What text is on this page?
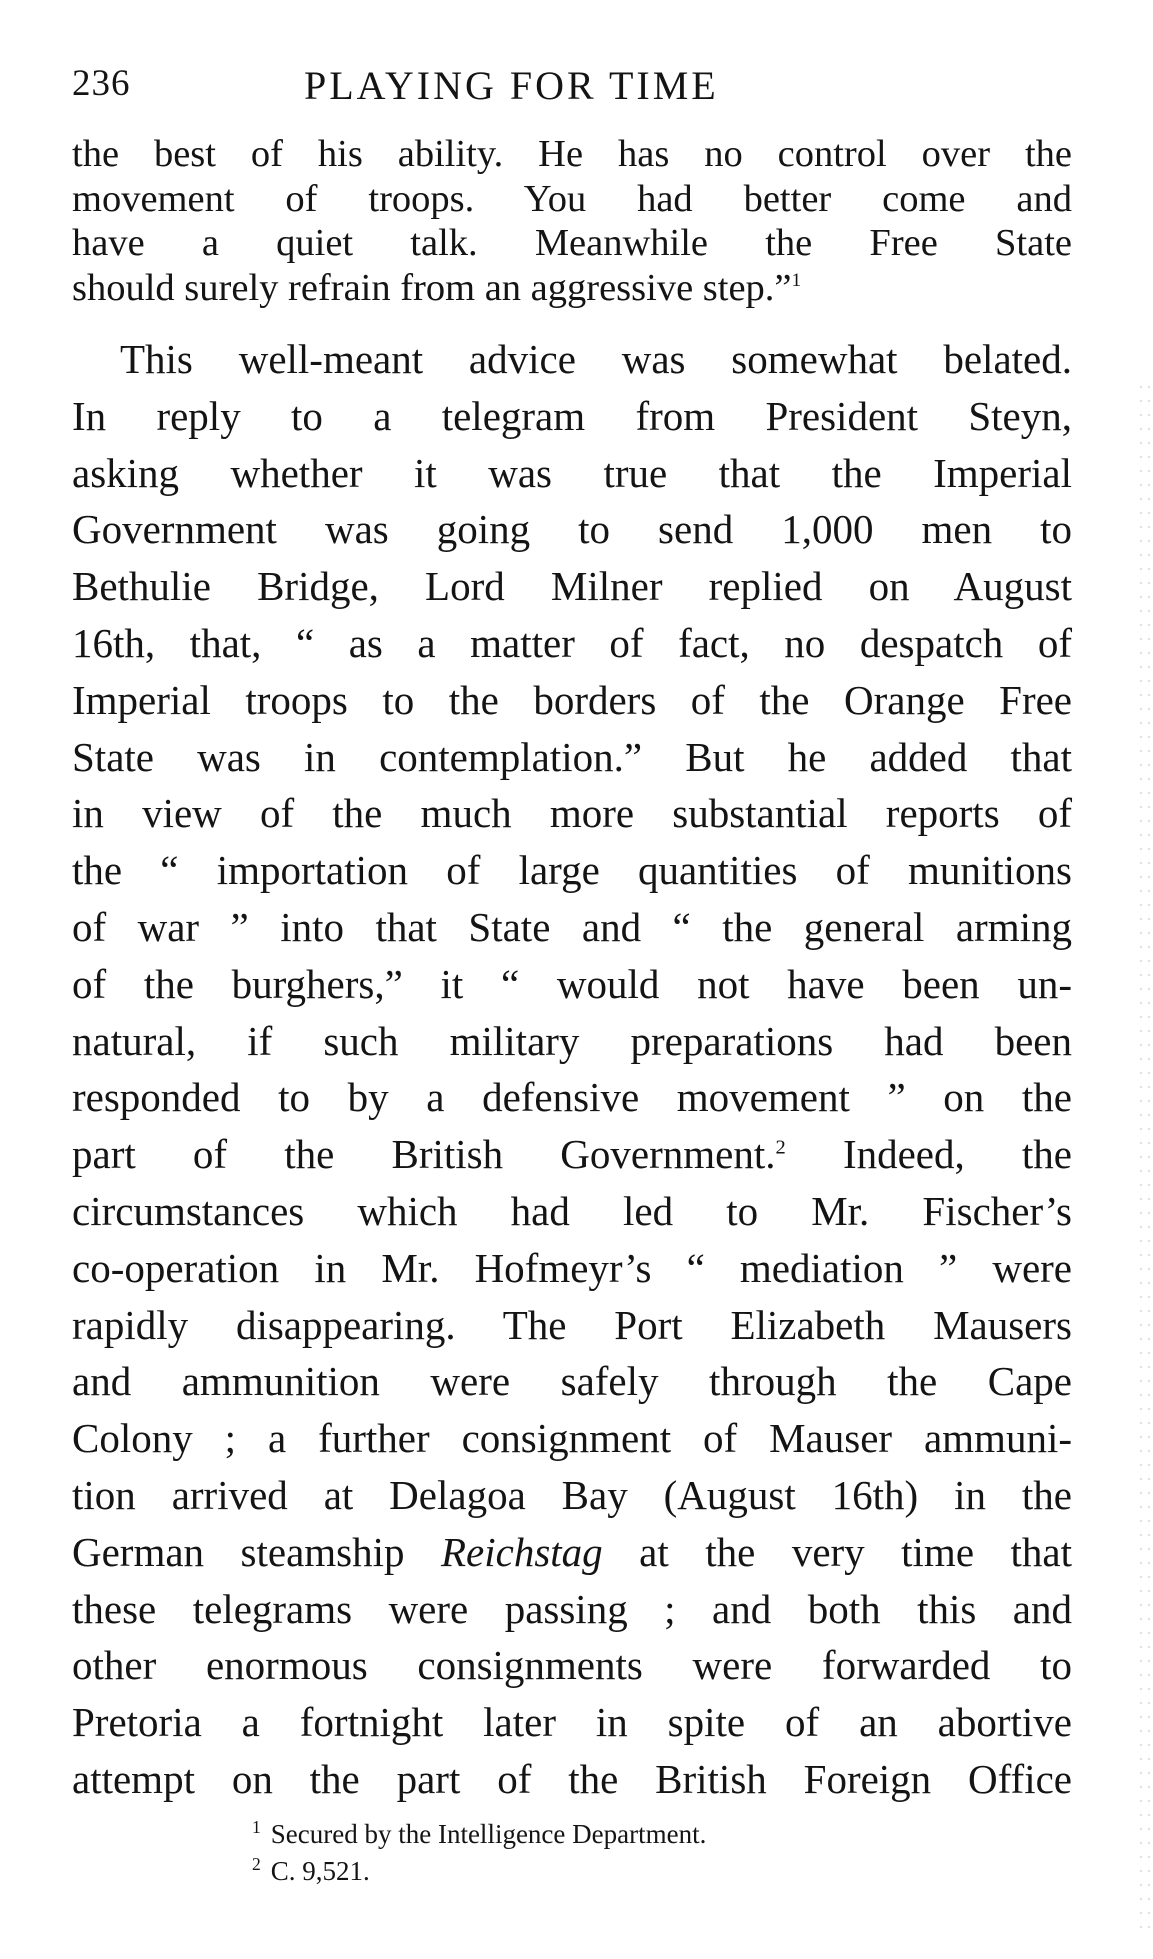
236	PLAYING FOR TIME

the best of his ability. He has no control over the
movement of troops. You had better come and
have a quiet talk. Meanwhile the Free State
should surely refrain from an aggressive step.”$^1$

This well-meant advice was somewhat belated.
In reply to a telegram from President Steyn,
asking whether it was true that the Imperial
Government was going to send 1,000 men to
Bethulie Bridge, Lord Milner replied on August
16th, that, “ as a matter of fact, no despatch of
Imperial troops to the borders of the Orange Free
State was in contemplation.” But he added that
in view of the much more substantial reports of
the “ importation of large quantities of munitions
of war ” into that State and “ the general arming
of the burghers,” it “ would not have been un-
natural, if such military preparations had been
responded to by a defensive movement ” on the
part of the British Government.$^2$ Indeed, the
circumstances which had led to Mr. Fischer’s
co-operation in Mr. Hofmeyr’s “ mediation ” were
rapidly disappearing. The Port Elizabeth Mausers
and ammunition were safely through the Cape
Colony ; a further consignment of Mauser ammuni-
tion arrived at Delagoa Bay (August 16th) in the
German steamship Reichstag at the very time that
these telegrams were passing ; and both this and
other enormous consignments were forwarded to
Pretoria a fortnight later in spite of an abortive
attempt on the part of the British Foreign Office

$^1$ Secured by the Intelligence Department.
$^2$ C. 9,521.
